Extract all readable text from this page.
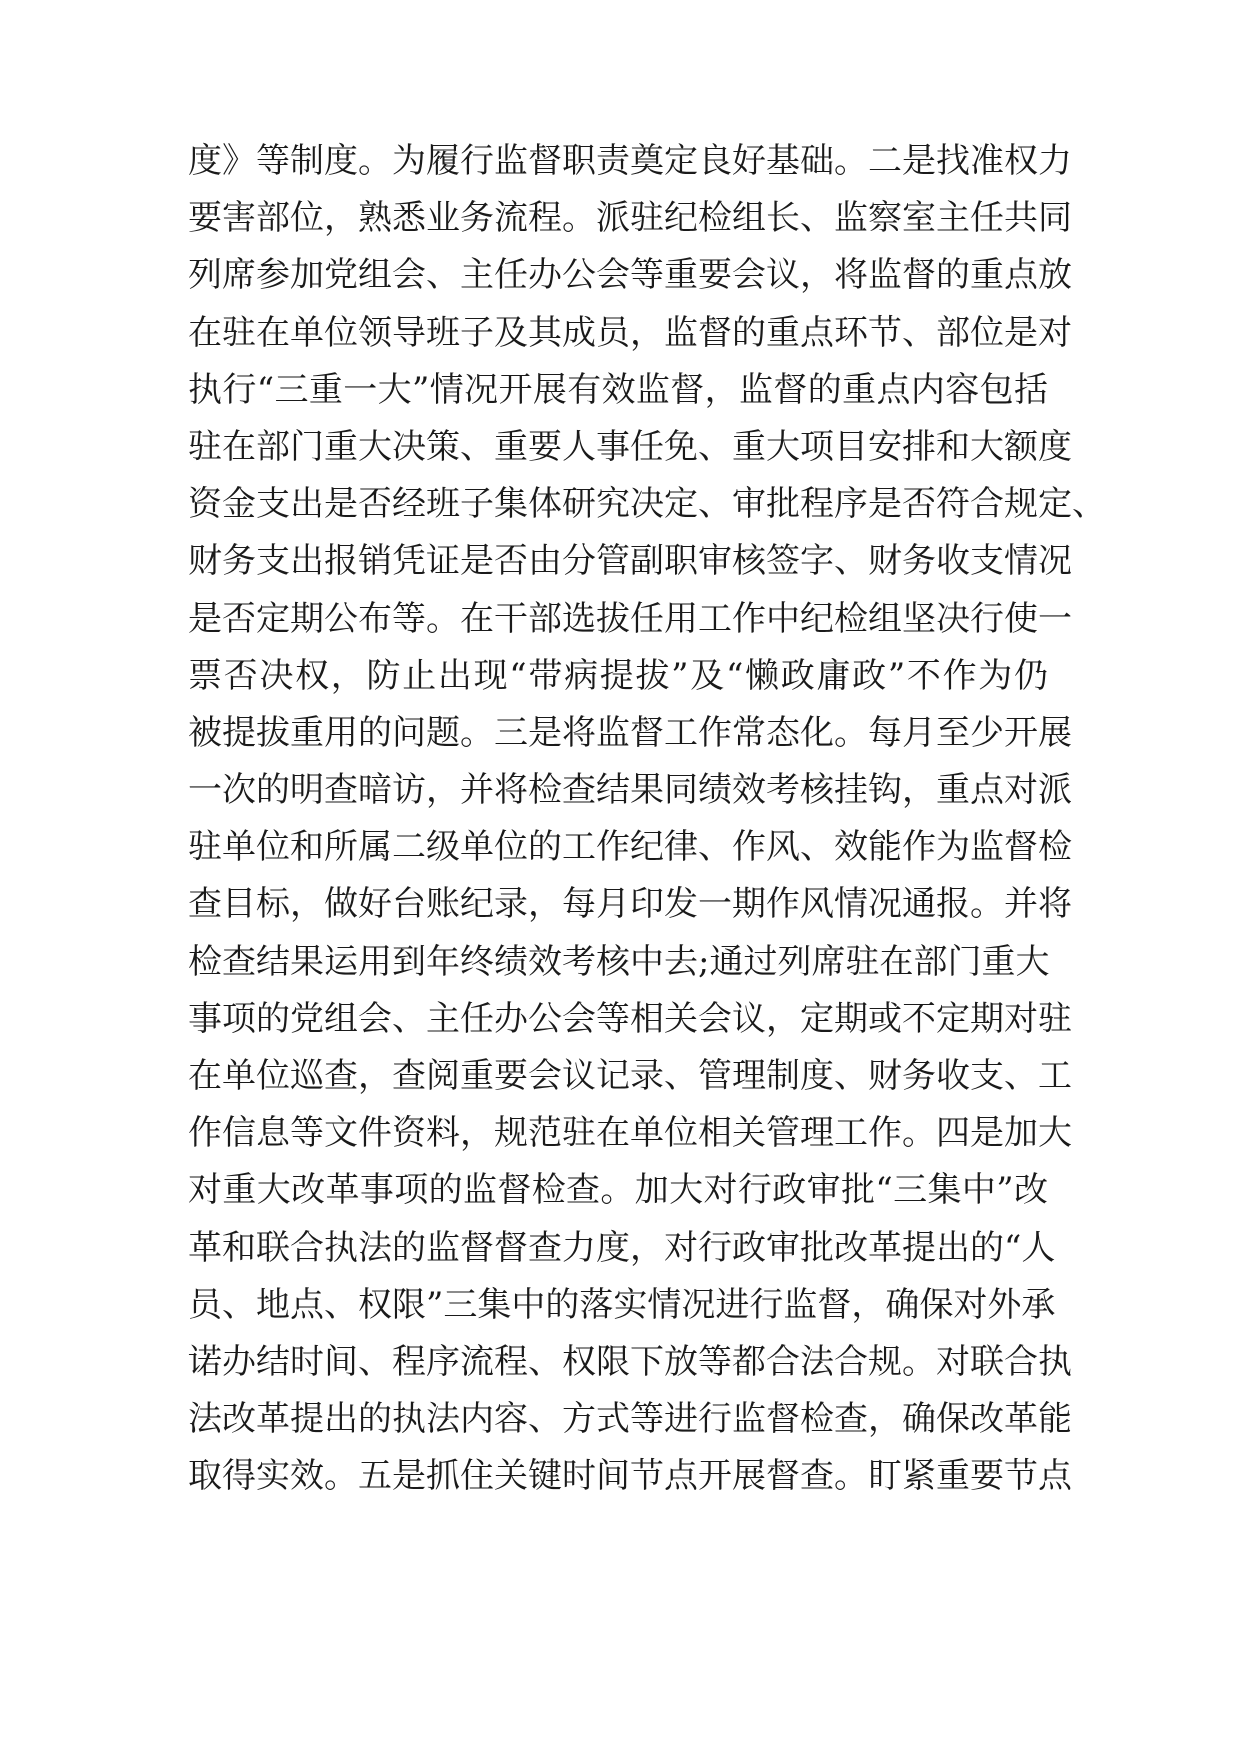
度》等制度。为履行监督职责奠定良好基础。二是找准权力
要害部位，熟悉业务流程。派驻纪检组长、监察室主任共同
列席参加党组会、主任办公会等重要会议，将监督的重点放
在驻在单位领导班子及其成员，监督的重点环节、部位是对
执行“三重一大”情况开展有效监督，监督的重点内容包括
驻在部门重大决策、重要人事任免、重大项目安排和大额度
资金支出是否经班子集体研究决定、审批程序是否符合规定、
财务支出报销凭证是否由分管副职审核签字、财务收支情况
是否定期公布等。在干部选拔任用工作中纪检组坚决行使一
票否决权，防止出现“带病提拔”及“懒政庸政”不作为仍
被提拔重用的问题。三是将监督工作常态化。每月至少开展
一次的明查暗访，并将检查结果同绩效考核挂钩，重点对派
驻单位和所属二级单位的工作纪律、作风、效能作为监督检
查目标，做好台账纪录，每月印发一期作风情况通报。并将
检查结果运用到年终绩效考核中去;通过列席驻在部门重大
事项的党组会、主任办公会等相关会议，定期或不定期对驻
在单位巡查，查阅重要会议记录、管理制度、财务收支、工
作信息等文件资料，规范驻在单位相关管理工作。四是加大
对重大改革事项的监督检查。加大对行政审批“三集中”改
革和联合执法的监督督查力度，对行政审批改革提出的“人
员、地点、权限”三集中的落实情况进行监督，确保对外承
诺办结时间、程序流程、权限下放等都合法合规。对联合执
法改革提出的执法内容、方式等进行监督检查，确保改革能
取得实效。五是抓住关键时间节点开展督查。盯紧重要节点
